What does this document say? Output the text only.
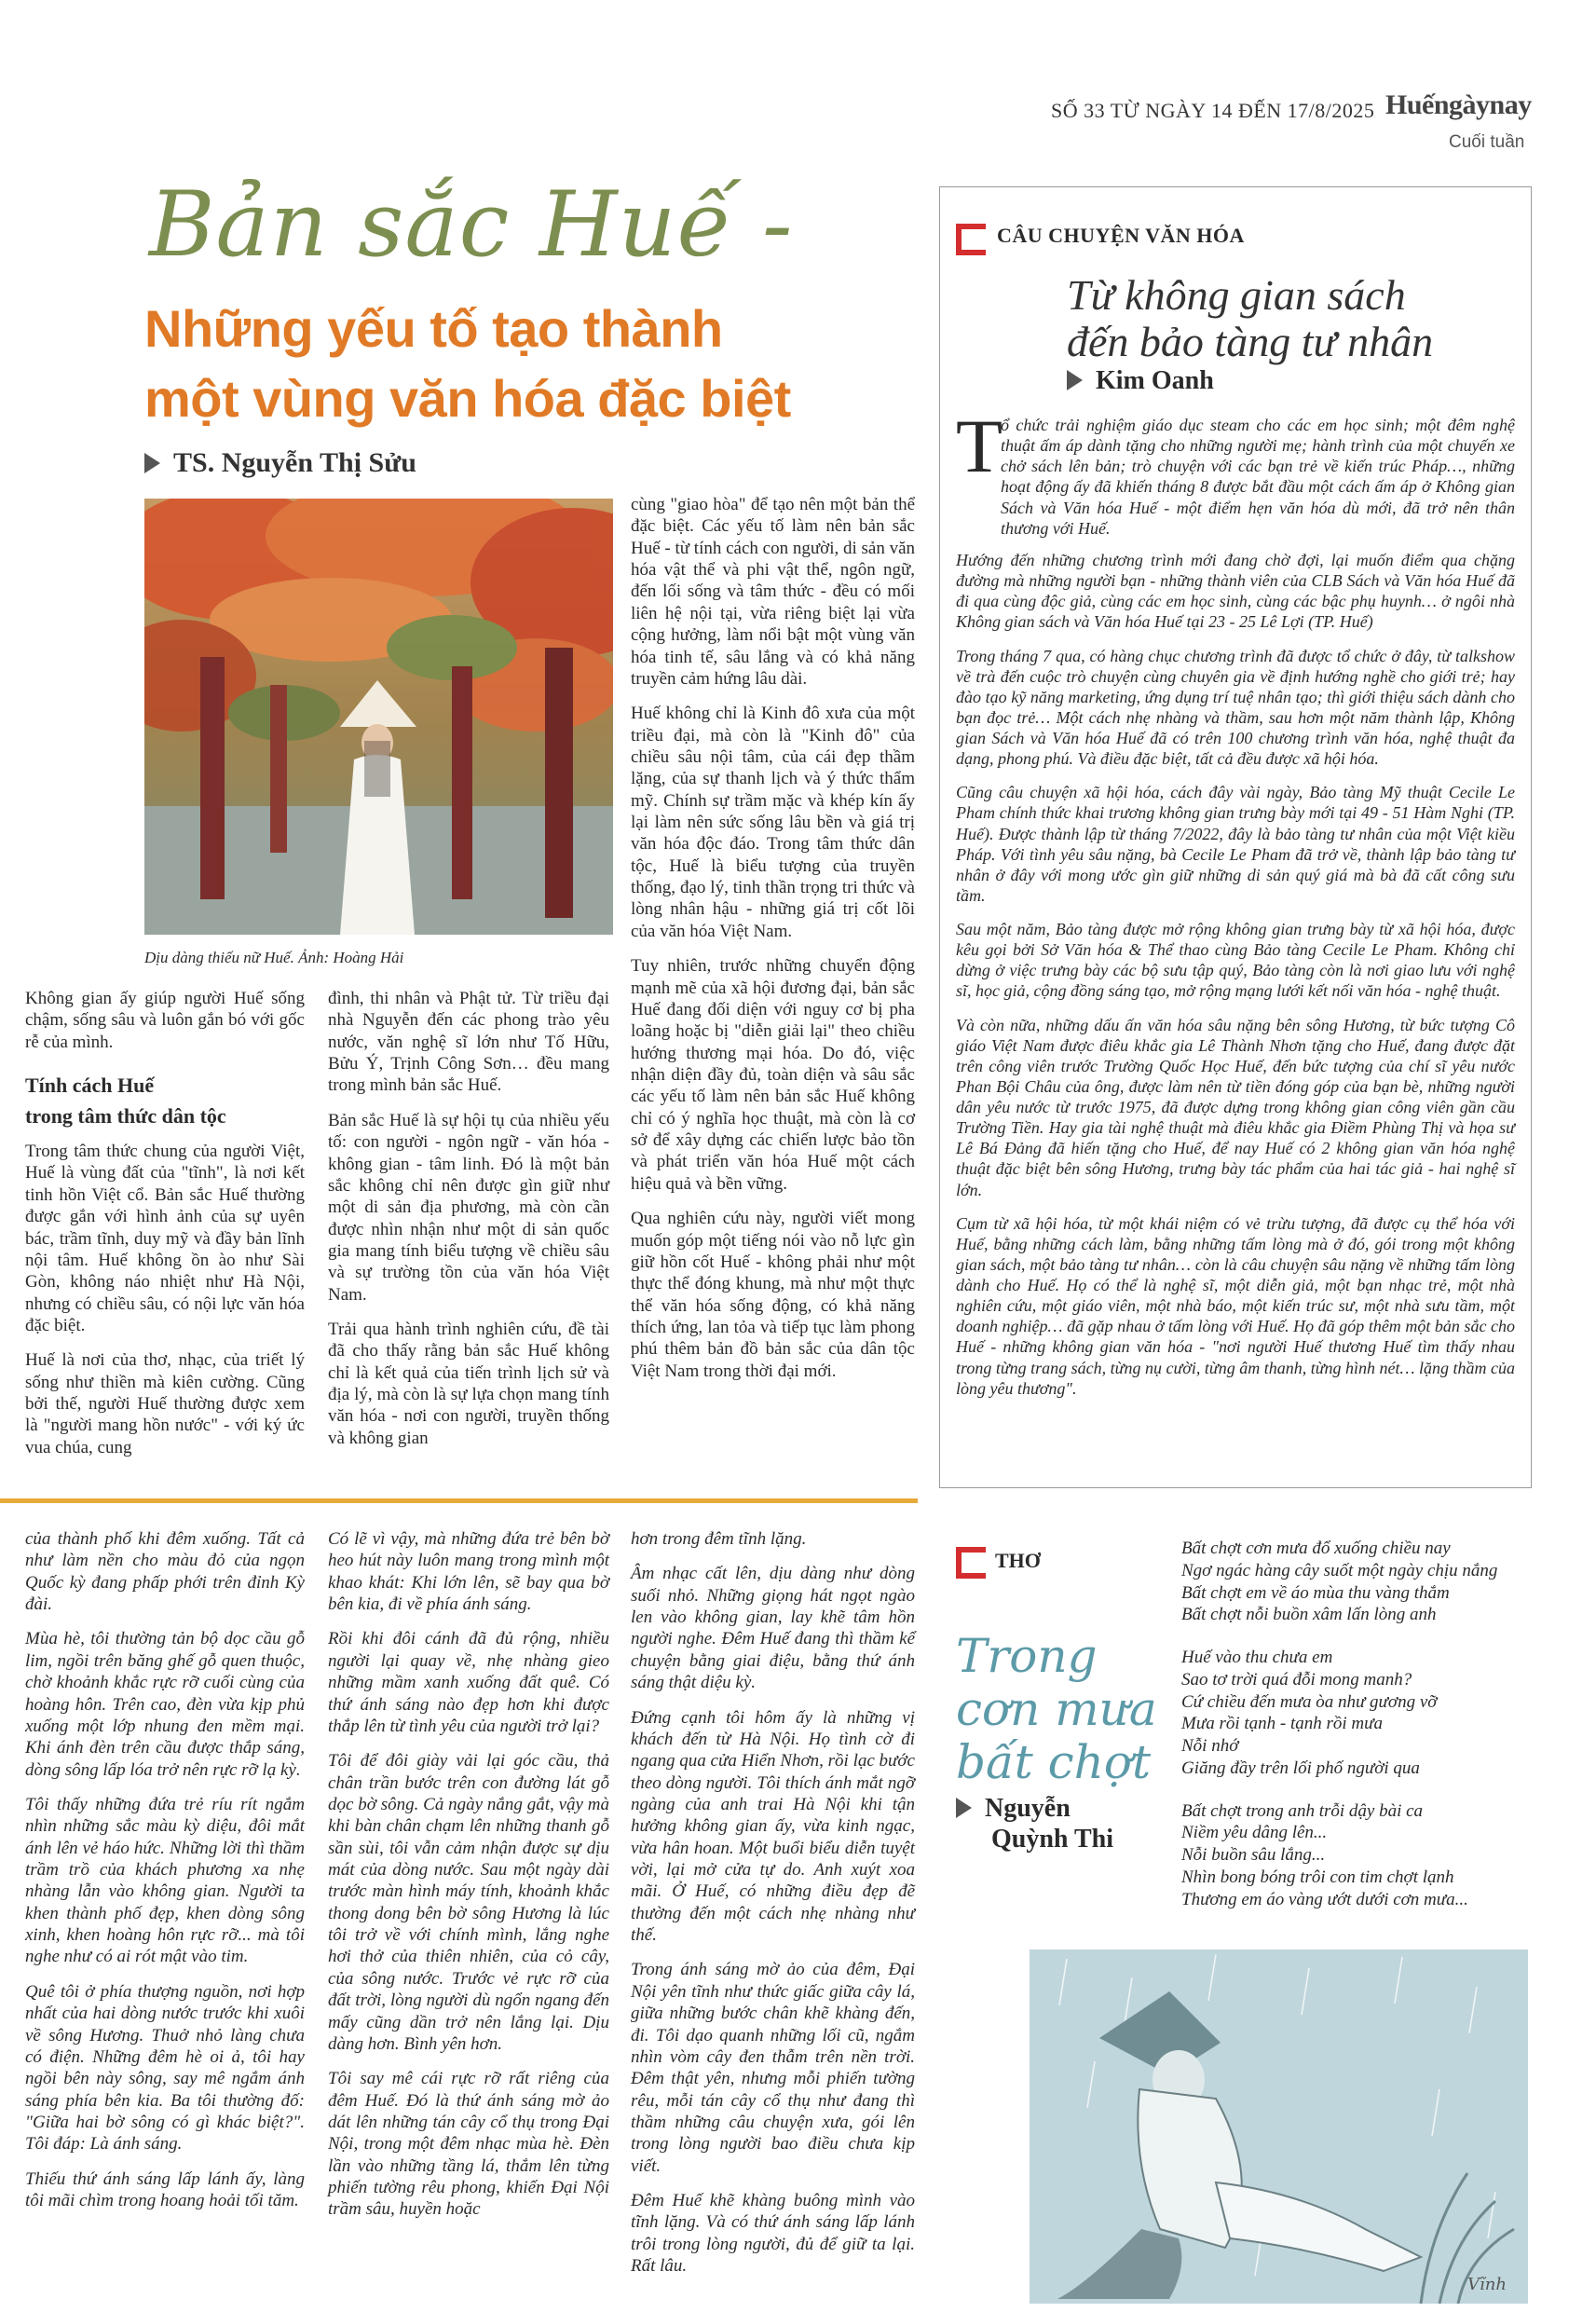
SỐ 33 TỪ NGÀY 14 ĐẾN 17/8/2025 Huếngàynay
Cuối tuần
Bản sắc Huế -
Những yếu tố tạo thành
một vùng văn hóa đặc biệt
TS. Nguyễn Thị Sửu
Dịu dàng thiếu nữ Huế. Ảnh: Hoàng Hải

Không gian ấy giúp người Huế sống chậm, sống sâu và luôn gắn bó với gốc rễ của mình.

Tính cách Huế

trong tâm thức dân tộc

Trong tâm thức chung của người Việt, Huế là vùng đất của "tĩnh", là nơi kết tinh hồn Việt cổ. Bản sắc Huế thường được gắn với hình ảnh của sự uyên bác, trầm tĩnh, duy mỹ và đầy bản lĩnh nội tâm. Huế không ồn ào như Sài Gòn, không náo nhiệt như Hà Nội, nhưng có chiều sâu, có nội lực văn hóa đặc biệt.

Huế là nơi của thơ, nhạc, của triết lý sống như thiền mà kiên cường. Cũng bởi thế, người Huế thường được xem là "người mang hồn nước" - với ký ức vua chúa, cung

đình, thi nhân và Phật tử. Từ triều đại nhà Nguyễn đến các phong trào yêu nước, văn nghệ sĩ lớn như Tố Hữu, Bửu Ý, Trịnh Công Sơn… đều mang trong mình bản sắc Huế.

Bản sắc Huế là sự hội tụ của nhiều yếu tố: con người - ngôn ngữ - văn hóa - không gian - tâm linh. Đó là một bản sắc không chỉ nên được gìn giữ như một di sản địa phương, mà còn cần được nhìn nhận như một di sản quốc gia mang tính biểu tượng về chiều sâu và sự trường tồn của văn hóa Việt Nam.

Trải qua hành trình nghiên cứu, đề tài đã cho thấy rằng bản sắc Huế không chỉ là kết quả của tiến trình lịch sử và địa lý, mà còn là sự lựa chọn mang tính văn hóa - nơi con người, truyền thống và không gian

cùng "giao hòa" để tạo nên một bản thể đặc biệt. Các yếu tố làm nên bản sắc Huế - từ tính cách con người, di sản văn hóa vật thể và phi vật thể, ngôn ngữ, đến lối sống và tâm thức - đều có mối liên hệ nội tại, vừa riêng biệt lại vừa cộng hưởng, làm nổi bật một vùng văn hóa tinh tế, sâu lắng và có khả năng truyền cảm hứng lâu dài.

Huế không chỉ là Kinh đô xưa của một triều đại, mà còn là "Kinh đô" của chiều sâu nội tâm, của cái đẹp thầm lặng, của sự thanh lịch và ý thức thẩm mỹ. Chính sự trầm mặc và khép kín ấy lại làm nên sức sống lâu bền và giá trị văn hóa độc đáo. Trong tâm thức dân tộc, Huế là biểu tượng của truyền thống, đạo lý, tinh thần trọng tri thức và lòng nhân hậu - những giá trị cốt lõi của văn hóa Việt Nam.

Tuy nhiên, trước những chuyển động mạnh mẽ của xã hội đương đại, bản sắc Huế đang đối diện với nguy cơ bị pha loãng hoặc bị "diễn giải lại" theo chiều hướng thương mại hóa. Do đó, việc nhận diện đầy đủ, toàn diện và sâu sắc các yếu tố làm nên bản sắc Huế không chỉ có ý nghĩa học thuật, mà còn là cơ sở để xây dựng các chiến lược bảo tồn và phát triển văn hóa Huế một cách hiệu quả và bền vững.

Qua nghiên cứu này, người viết mong muốn góp một tiếng nói vào nỗ lực gìn giữ hồn cốt Huế - không phải như một thực thể đóng khung, mà như một thực thể văn hóa sống động, có khả năng thích ứng, lan tỏa và tiếp tục làm phong phú thêm bản đồ bản sắc của dân tộc Việt Nam trong thời đại mới.

CÂU CHUYỆN VĂN HÓA
Từ không gian sách
đến bảo tàng tư nhân
Kim Oanh
T

ổ chức trải nghiệm giáo dục steam cho các em học sinh; một đêm nghệ thuật ấm áp dành tặng cho những người mẹ; hành trình của một chuyến xe chở sách lên bản; trò chuyện với các bạn trẻ về kiến trúc Pháp…, những hoạt động ấy đã khiến tháng 8 được bắt đầu một cách ấm áp ở Không gian Sách và Văn hóa Huế - một điểm hẹn văn hóa dù mới, đã trở nên thân thương với Huế.

Hướng đến những chương trình mới đang chờ đợi, lại muốn điểm qua chặng đường mà những người bạn - những thành viên của CLB Sách và Văn hóa Huế đã đi qua cùng độc giả, cùng các em học sinh, cùng các bậc phụ huynh… ở ngôi nhà Không gian sách và Văn hóa Huế tại 23 - 25 Lê Lợi (TP. Huế)

Trong tháng 7 qua, có hàng chục chương trình đã được tổ chức ở đây, từ talkshow về trà đến cuộc trò chuyện cùng chuyên gia về định hướng nghề cho giới trẻ; hay đào tạo kỹ năng marketing, ứng dụng trí tuệ nhân tạo; thì giới thiệu sách dành cho bạn đọc trẻ… Một cách nhẹ nhàng và thầm, sau hơn một năm thành lập, Không gian Sách và Văn hóa Huế đã có trên 100 chương trình văn hóa, nghệ thuật đa dạng, phong phú. Và điều đặc biệt, tất cả đều được xã hội hóa.

Cũng câu chuyện xã hội hóa, cách đây vài ngày, Bảo tàng Mỹ thuật Cecile Le Pham chính thức khai trương không gian trưng bày mới tại 49 - 51 Hàm Nghi (TP. Huế). Được thành lập từ tháng 7/2022, đây là bảo tàng tư nhân của một Việt kiều Pháp. Với tình yêu sâu nặng, bà Cecile Le Pham đã trở về, thành lập bảo tàng tư nhân ở đây với mong ước gìn giữ những di sản quý giá mà bà đã cất công sưu tầm.

Sau một năm, Bảo tàng được mở rộng không gian trưng bày từ xã hội hóa, được kêu gọi bởi Sở Văn hóa & Thể thao cùng Bảo tàng Cecile Le Pham. Không chỉ dừng ở việc trưng bày các bộ sưu tập quý, Bảo tàng còn là nơi giao lưu với nghệ sĩ, học giả, cộng đồng sáng tạo, mở rộng mạng lưới kết nối văn hóa - nghệ thuật.

Và còn nữa, những dấu ấn văn hóa sâu nặng bên sông Hương, từ bức tượng Cô giáo Việt Nam được điêu khắc gia Lê Thành Nhơn tặng cho Huế, đang được đặt trên công viên trước Trường Quốc Học Huế, đến bức tượng của chí sĩ yêu nước Phan Bội Châu của ông, được làm nên từ tiền đóng góp của bạn bè, những người dân yêu nước từ trước 1975, đã được dựng trong không gian công viên gần cầu Trường Tiền. Hay gia tài nghệ thuật mà điêu khắc gia Điềm Phùng Thị và họa sư Lê Bá Đảng đã hiến tặng cho Huế, để nay Huế có 2 không gian văn hóa nghệ thuật đặc biệt bên sông Hương, trưng bày tác phẩm của hai tác giả - hai nghệ sĩ lớn.

Cụm từ xã hội hóa, từ một khái niệm có vẻ trừu tượng, đã được cụ thể hóa với Huế, bằng những cách làm, bằng những tấm lòng mà ở đó, gói trong một không gian sách, một bảo tàng tư nhân… còn là câu chuyện sâu nặng về những tấm lòng dành cho Huế. Họ có thể là nghệ sĩ, một diễn giả, một bạn nhạc trẻ, một nhà nghiên cứu, một giáo viên, một nhà báo, một kiến trúc sư, một nhà sưu tầm, một doanh nghiệp… đã gặp nhau ở tấm lòng với Huế. Họ đã góp thêm một bản sắc cho Huế - những không gian văn hóa - "nơi người Huế thương Huế tìm thấy nhau trong từng trang sách, từng nụ cười, từng âm thanh, từng hình nét… lặng thầm của lòng yêu thương".

của thành phố khi đêm xuống. Tất cả như làm nền cho màu đỏ của ngọn Quốc kỳ đang phấp phới trên đỉnh Kỳ đài.

Mùa hè, tôi thường tản bộ dọc cầu gỗ lim, ngồi trên băng ghế gỗ quen thuộc, chờ khoảnh khắc rực rỡ cuối cùng của hoàng hôn. Trên cao, đèn vừa kịp phủ xuống một lớp nhung đen mềm mại. Khi ánh đèn trên cầu được thắp sáng, dòng sông lấp lóa trở nên rực rỡ lạ kỳ.

Tôi thấy những đứa trẻ ríu rít ngắm nhìn những sắc màu kỳ diệu, đôi mắt ánh lên vẻ háo hức. Những lời thì thầm trầm trồ của khách phương xa nhẹ nhàng lẫn vào không gian. Người ta khen thành phố đẹp, khen dòng sông xinh, khen hoàng hôn rực rỡ... mà tôi nghe như có ai rót mật vào tim.

Quê tôi ở phía thượng nguồn, nơi hợp nhất của hai dòng nước trước khi xuôi về sông Hương. Thuở nhỏ làng chưa có điện. Những đêm hè oi ả, tôi hay ngồi bên này sông, say mê ngắm ánh sáng phía bên kia. Ba tôi thường đố: "Giữa hai bờ sông có gì khác biệt?". Tôi đáp: Là ánh sáng.

Thiếu thứ ánh sáng lấp lánh ấy, làng tôi mãi chìm trong hoang hoải tối tăm.

Có lẽ vì vậy, mà những đứa trẻ bên bờ heo hút này luôn mang trong mình một khao khát: Khi lớn lên, sẽ bay qua bờ bên kia, đi về phía ánh sáng.

Rồi khi đôi cánh đã đủ rộng, nhiều người lại quay về, nhẹ nhàng gieo những mầm xanh xuống đất quê. Có thứ ánh sáng nào đẹp hơn khi được thắp lên từ tình yêu của người trở lại?

Tôi để đôi giày vải lại góc cầu, thả chân trần bước trên con đường lát gỗ dọc bờ sông. Cả ngày nắng gắt, vậy mà khi bàn chân chạm lên những thanh gỗ sần sùi, tôi vẫn cảm nhận được sự dịu mát của dòng nước. Sau một ngày dài trước màn hình máy tính, khoảnh khắc thong dong bên bờ sông Hương là lúc tôi trở về với chính mình, lắng nghe hơi thở của thiên nhiên, của cỏ cây, của sông nước. Trước vẻ rực rỡ của đất trời, lòng người dù ngổn ngang đến mấy cũng dần trở nên lắng lại. Dịu dàng hơn. Bình yên hơn.

Tôi say mê cái rực rỡ rất riêng của đêm Huế. Đó là thứ ánh sáng mờ ảo dát lên những tán cây cổ thụ trong Đại Nội, trong một đêm nhạc mùa hè. Đèn lần vào những tầng lá, thắm lên từng phiến tường rêu phong, khiến Đại Nội trầm sâu, huyền hoặc

hơn trong đêm tĩnh lặng.

Âm nhạc cất lên, dịu dàng như dòng suối nhỏ. Những giọng hát ngọt ngào len vào không gian, lay khẽ tâm hồn người nghe. Đêm Huế đang thì thầm kể chuyện bằng giai điệu, bằng thứ ánh sáng thật diệu kỳ.

Đứng cạnh tôi hôm ấy là những vị khách đến từ Hà Nội. Họ tình cờ đi ngang qua cửa Hiển Nhơn, rồi lạc bước theo dòng người. Tôi thích ánh mắt ngỡ ngàng của anh trai Hà Nội khi tận hưởng không gian ấy, vừa kinh ngạc, vừa hân hoan. Một buổi biểu diễn tuyệt vời, lại mở cửa tự do. Anh xuýt xoa mãi. Ở Huế, có những điều đẹp đẽ thường đến một cách nhẹ nhàng như thế.

Trong ánh sáng mờ ảo của đêm, Đại Nội yên tĩnh như thức giấc giữa cây lá, giữa những bước chân khẽ khàng đến, đi. Tôi dạo quanh những lối cũ, ngắm nhìn vòm cây đen thẫm trên nền trời. Đêm thật yên, nhưng mỗi phiến tường rêu, mỗi tán cây cổ thụ như đang thì thầm những câu chuyện xưa, gói lên trong lòng người bao điều chưa kịp viết.

Đêm Huế khẽ khàng buông mình vào tĩnh lặng. Và có thứ ánh sáng lấp lánh trôi trong lòng người, đủ để giữ ta lại. Rất lâu.

THƠ
Trong
cơn mưa
bất chợt
Nguyễn
Quỳnh Thi
Bất chợt cơn mưa đổ xuống chiều nay
Ngơ ngác hàng cây suốt một ngày chịu nắng
Bất chợt em về áo mùa thu vàng thắm
Bất chợt nỗi buồn xâm lấn lòng anh
Huế vào thu chưa em
Sao tơ trời quá đỗi mong manh?
Cứ chiều đến mưa òa như gương vỡ
Mưa rồi tạnh - tạnh rồi mưa
Nỗi nhớ
Giăng đầy trên lối phố người qua
Bất chợt trong anh trỗi dậy bài ca
Niềm yêu dâng lên...
Nỗi buồn sâu lắng...
Nhìn bong bóng trôi con tim chợt lạnh
Thương em áo vàng ướt dưới cơn mưa...
Vĩnh
